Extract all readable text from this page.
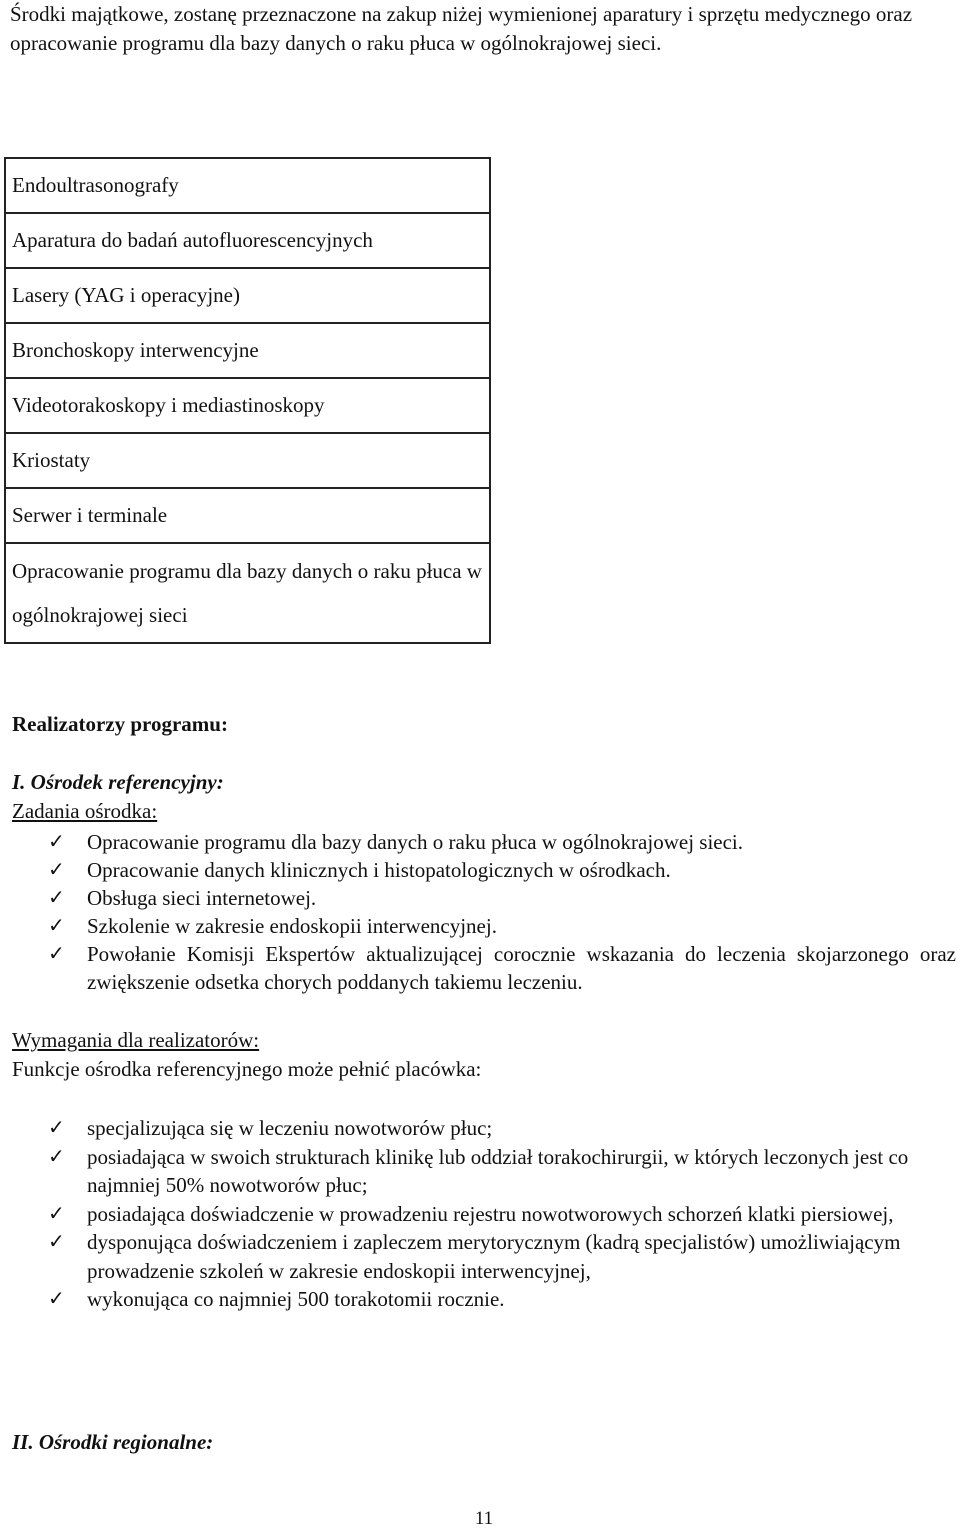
Środki majątkowe, zostanę przeznaczone na zakup niżej wymienionej aparatury i sprzętu medycznego oraz opracowanie programu dla bazy danych o raku płuca w ogólnokrajowej sieci.

Endoultrasonografy
Aparatura do badań autofluorescencyjnych
Lasery (YAG i operacyjne)
Bronchoskopy interwencyjne
Videotorakoskopy i mediastinoskopy
Kriostaty
Serwer i terminale
Opracowanie programu dla bazy danych o raku płuca w ogólnokrajowej sieci

Realizatorzy programu:

I. Ośrodek referencyjny:

Zadania ośrodka:

✓ Opracowanie programu dla bazy danych o raku płuca w ogólnokrajowej sieci.
✓ Opracowanie danych klinicznych i histopatologicznych w ośrodkach.
✓ Obsługa sieci internetowej.
✓ Szkolenie w zakresie endoskopii interwencyjnej.
✓ Powołanie Komisji Ekspertów aktualizującej corocznie wskazania do leczenia skojarzonego oraz zwiększenie odsetka chorych poddanych takiemu leczeniu.

Wymagania dla realizatorów:

Funkcje ośrodka referencyjnego może pełnić placówka:

✓ specjalizująca się w leczeniu nowotworów płuc;
✓ posiadająca w swoich strukturach klinikę lub oddział torakochirurgii, w których leczonych jest co najmniej 50% nowotworów płuc;
✓ posiadająca doświadczenie w prowadzeniu rejestru nowotworowych schorzeń klatki piersiowej,
✓ dysponująca doświadczeniem i zapleczem merytorycznym (kadrą specjalistów) umożliwiającym prowadzenie szkoleń w zakresie endoskopii interwencyjnej,
✓ wykonująca co najmniej 500 torakotomii rocznie.

II. Ośrodki regionalne:

11
